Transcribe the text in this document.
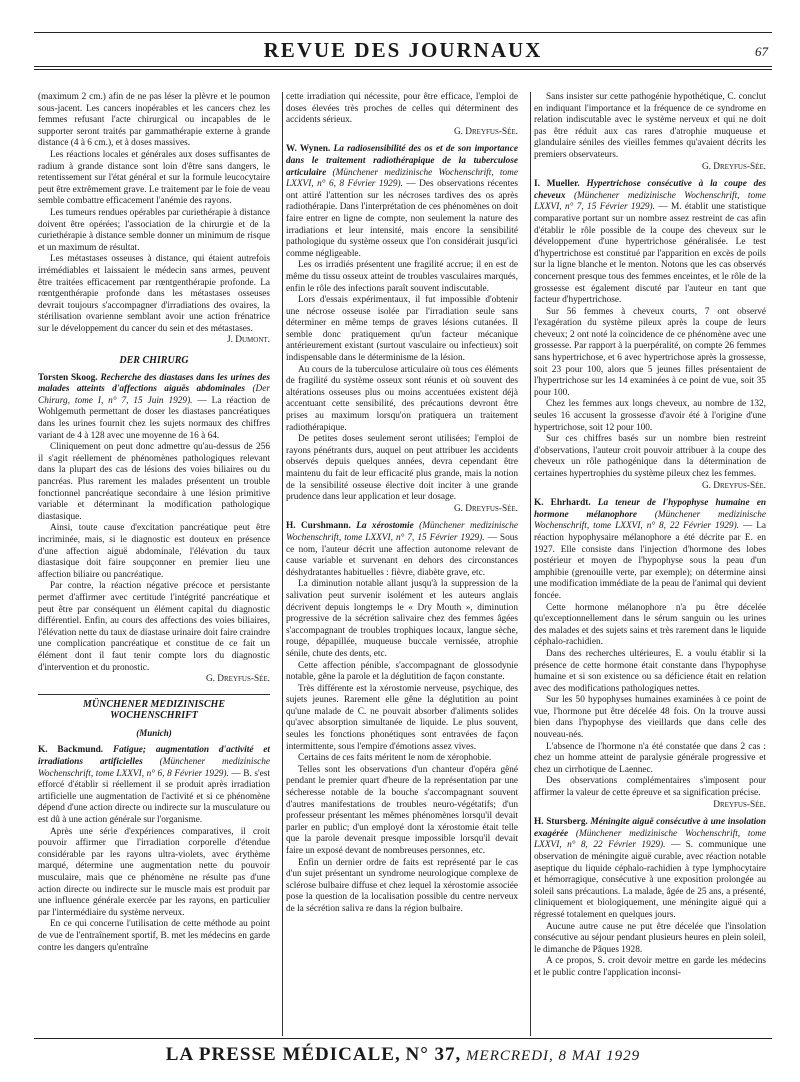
REVUE DES JOURNAUX	67

(maximum 2 cm.) afin de ne pas léser la plèvre et le poumon sous-jacent. Les cancers inopérables et les cancers chez les femmes refusant l'acte chirurgical ou incapables de le supporter seront traités par gammathérapie externe à grande distance (4 à 6 cm.), et à doses massives.

Les réactions locales et générales aux doses suffisantes de radium à grande distance sont loin d'être sans dangers, le retentissement sur l'état général et sur la formule leucocytaire peut être extrêmement grave. Le traitement par le foie de veau semble combattre efficacement l'anémie des rayons.

Les tumeurs rendues opérables par curiethérapie à distance doivent être opérées; l'association de la chirurgie et de la curiethérapie à distance semble donner un minimum de risque et un maximum de résultat.

Les métastases osseuses à distance, qui étaient autrefois irrémédiables et laissaient le médecin sans armes, peuvent être traitées efficacement par rœntgenthérapie profonde. La rœntgenthérapie profonde dans les métastases osseuses devrait toujours s'accompagner d'irradiations des ovaires, la stérilisation ovarienne semblant avoir une action frénatrice sur le développement du cancer du sein et des métastases.

J. Dumont.

DER CHIRURG

Torsten Skoog. Recherche des diastases dans les urines des malades atteints d'affections aiguës abdominales (Der Chirurg, tome I, n° 7, 15 Juin 1929). — La réaction de Wohlgemuth permettant de doser les diastases pancréatiques dans les urines fournit chez les sujets normaux des chiffres variant de 4 à 128 avec une moyenne de 16 à 64.

Cliniquement on peut donc admettre qu'au-dessus de 256 il s'agit réellement de phénomènes pathologiques relevant dans la plupart des cas de lésions des voies biliaires ou du pancréas. Plus rarement les malades présentent un trouble fonctionnel pancréatique secondaire à une lésion primitive variable et déterminant la modification pathologique diastasique.

Ainsi, toute cause d'excitation pancréatique peut être incriminée, mais, si le diagnostic est douteux en présence d'une affection aiguë abdominale, l'élévation du taux diastasique doit faire soupçonner en premier lieu une affection biliaire ou pancréatique.

Par contre, la réaction négative précoce et persistante permet d'affirmer avec certitude l'intégrité pancréatique et peut être par conséquent un élément capital du diagnostic différentiel. Enfin, au cours des affections des voies biliaires, l'élévation nette du taux de diastase urinaire doit faire craindre une complication pancréatique et constitue de ce fait un élément dont il faut tenir compte lors du diagnostic d'intervention et du pronostic.

G. Dreyfus-Sée.

MÜNCHENER MEDIZINISCHE WOCHENSCHRIFT
(Munich)

K. Backmund. Fatigue; augmentation d'activité et irradiations artificielles (Münchener medizinische Wochenschrift, tome LXXVI, n° 6, 8 Février 1929). — B. s'est efforcé d'établir si réellement il se produit après irradiation artificielle une augmentation de l'activité et si ce phénomène dépend d'une action directe ou indirecte sur la musculature ou est dû à une action générale sur l'organisme.

Après une série d'expériences comparatives, il croit pouvoir affirmer que l'irradiation corporelle d'étendue considérable par les rayons ultra-violets, avec érythème marqué, détermine une augmentation nette du pouvoir musculaire, mais que ce phénomène ne résulte pas d'une action directe ou indirecte sur le muscle mais est produit par une influence générale exercée par les rayons, en particulier par l'intermédiaire du système nerveux.

En ce qui concerne l'utilisation de cette méthode au point de vue de l'entraînement sportif, B. met les médecins en garde contre les dangers qu'entraîne

cette irradiation qui nécessite, pour être efficace, l'emploi de doses élevées très proches de celles qui déterminent des accidents sérieux.

G. Dreyfus-Sée.

W. Wynen. La radiosensibilité des os et de son importance dans le traitement radiothérapique de la tuberculose articulaire (Münchener medizinische Wochenschrift, tome LXXVI, n° 6, 8 Février 1929). — Des observations récentes ont attiré l'attention sur les nécroses tardives des os après radiothérapie. Dans l'interprétation de ces phénomènes on doit faire entrer en ligne de compte, non seulement la nature des irradiations et leur intensité, mais encore la sensibilité pathologique du système osseux que l'on considérait jusqu'ici comme négligeable.

Les os irradiés présentent une fragilité accrue; il en est de même du tissu osseux atteint de troubles vasculaires marqués, enfin le rôle des infections paraît souvent indiscutable.

Lors d'essais expérimentaux, il fut impossible d'obtenir une nécrose osseuse isolée par l'irradiation seule sans déterminer en même temps de graves lésions cutanées. Il semble donc pratiquement qu'un facteur mécanique antérieurement existant (surtout vasculaire ou infectieux) soit indispensable dans le déterminisme de la lésion.

Au cours de la tuberculose articulaire où tous ces éléments de fragilité du système osseux sont réunis et où souvent des altérations osseuses plus ou moins accentuées existent déjà accentuant cette sensibilité, des précautions devront être prises au maximum lorsqu'on pratiquera un traitement radiothérapique.

De petites doses seulement seront utilisées; l'emploi de rayons pénétrants durs, auquel on peut attribuer les accidents observés depuis quelques années, devra cependant être maintenu du fait de leur efficacité plus grande, mais la notion de la sensibilité osseuse élective doit inciter à une grande prudence dans leur application et leur dosage.

G. Dreyfus-Sée.

H. Curshmann. La xérostomie (Münchener medizinische Wochenschrift, tome LXXVI, n° 7, 15 Février 1929). — Sous ce nom, l'auteur décrit une affection autonome relevant de cause variable et survenant en dehors des circonstances déshydratantes habituelles : fièvre, diabète grave, etc.

La diminution notable allant jusqu'à la suppression de la salivation peut survenir isolément et les auteurs anglais décrivent depuis longtemps le « Dry Mouth », diminution progressive de la sécrétion salivaire chez des femmes âgées s'accompagnant de troubles trophiques locaux, langue sèche, rouge, dépapillée, muqueuse buccale vernissée, atrophie sénile, chute des dents, etc.

Cette affection pénible, s'accompagnant de glossodynie notable, gêne la parole et la déglutition de façon constante.

Très différente est la xérostomie nerveuse, psychique, des sujets jeunes. Rarement elle gêne la déglutition au point qu'une malade de C. ne pouvait absorber d'aliments solides qu'avec absorption simultanée de liquide. Le plus souvent, seules les fonctions phonétiques sont entravées de façon intermittente, sous l'empire d'émotions assez vives.

Certains de ces faits méritent le nom de xérophobie.

Telles sont les observations d'un chanteur d'opéra gêné pendant le premier quart d'heure de la représentation par une sécheresse notable de la bouche s'accompagnant souvent d'autres manifestations de troubles neuro-végétatifs; d'un professeur présentant les mêmes phénomènes lorsqu'il devait parler en public; d'un employé dont la xérostomie était telle que la parole devenait presque impossible lorsqu'il devait faire un exposé devant de nombreuses personnes, etc.

Enfin un dernier ordre de faits est représenté par le cas d'un sujet présentant un syndrome neurologique complexe de sclérose bulbaire diffuse et chez lequel la xérostomie associée pose la question de la localisation possible du centre nerveux de la sécrétion saliva re dans la région bulbaire.

Sans insister sur cette pathogénie hypothétique, C. conclut en indiquant l'importance et la fréquence de ce syndrome en relation indiscutable avec le système nerveux et qui ne doit pas être réduit aux cas rares d'atrophie muqueuse et glandulaire séniles des vieilles femmes qu'avaient décrits les premiers observateurs.

G. Dreyfus-Sée.

I. Mueller. Hypertrichose consécutive à la coupe des cheveux (Münchener medizinische Wochenschrift, tome LXXVI, n° 7, 15 Février 1929). — M. établit une statistique comparative portant sur un nombre assez restreint de cas afin d'établir le rôle possible de la coupe des cheveux sur le développement d'une hypertrichose généralisée. Le test d'hypertrichose est constitué par l'apparition en excès de poils sur la ligne blanche et le menton. Notons que les cas observés concernent presque tous des femmes enceintes, et le rôle de la grossesse est également discuté par l'auteur en tant que facteur d'hypertrichose.

Sur 56 femmes à cheveux courts, 7 ont observé l'exagération du système pileux après la coupe de leurs cheveux; 2 ont noté la coïncidence de ce phénomène avec une grossesse. Par rapport à la puerpéralité, on compte 26 femmes sans hypertrichose, et 6 avec hypertrichose après la grossesse, soit 23 pour 100, alors que 5 jeunes filles présentaient de l'hypertrichose sur les 14 examinées à ce point de vue, soit 35 pour 100.

Chez les femmes aux longs cheveux, au nombre de 132, seules 16 accusent la grossesse d'avoir été à l'origine d'une hypertrichose, soit 12 pour 100.

Sur ces chiffres basés sur un nombre bien restreint d'observations, l'auteur croit pouvoir attribuer à la coupe des cheveux un rôle pathogénique dans la détermination de certaines hypertrophies du système pileux chez les femmes.

G. Dreyfus-Sée.

K. Ehrhardt. La teneur de l'hypophyse humaine en hormone mélanophore (Münchener medizinische Wochenschrift, tome LXXVI, n° 8, 22 Février 1929). — La réaction hypophysaire mélanophore a été décrite par E. en 1927. Elle consiste dans l'injection d'hormone des lobes postérieur et moyen de l'hypophyse sous la peau d'un amphibie (grenouille verte, par exemple); on détermine ainsi une modification immédiate de la peau de l'animal qui devient foncée.

Cette hormone mélanophore n'a pu être décelée qu'exceptionnellement dans le sérum sanguin ou les urines des malades et des sujets sains et très rarement dans le liquide céphalo-rachidien.

Dans des recherches ultérieures, E. a voulu établir si la présence de cette hormone était constante dans l'hypophyse humaine et si son existence ou sa déficience était en relation avec des modifications pathologiques nettes.

Sur les 50 hypophyses humaines examinées à ce point de vue, l'hormone put être décelée 48 fois. On la trouve aussi bien dans l'hypophyse des vieillards que dans celle des nouveau-nés.

L'absence de l'hormone n'a été constatée que dans 2 cas : chez un homme atteint de paralysie générale progressive et chez un cirrhotique de Laennec.

Des observations complémentaires s'imposent pour affirmer la valeur de cette épreuve et sa signification précise.

Dreyfus-Sée.

H. Stursberg. Méningite aiguë consécutive à une insolation exagérée (Münchener medizinische Wochenschrift, tome LXXVI, n° 8, 22 Février 1929). — S. communique une observation de méningite aiguë curable, avec réaction notable aseptique du liquide céphalo-rachidien à type lymphocytaire et hémorragique, consécutive à une exposition prolongée au soleil sans précautions. La malade, âgée de 25 ans, a présenté, cliniquement et biologiquement, une méningite aiguë qui a régressé totalement en quelques jours.

Aucune autre cause ne put être décelée que l'insolation consécutive au séjour pendant plusieurs heures en plein soleil, le dimanche de Pâques 1928.

A ce propos, S. croit devoir mettre en garde les médecins et le public contre l'application inconsi-

LA PRESSE MÉDICALE, N° 37, MERCREDI, 8 MAI 1929
